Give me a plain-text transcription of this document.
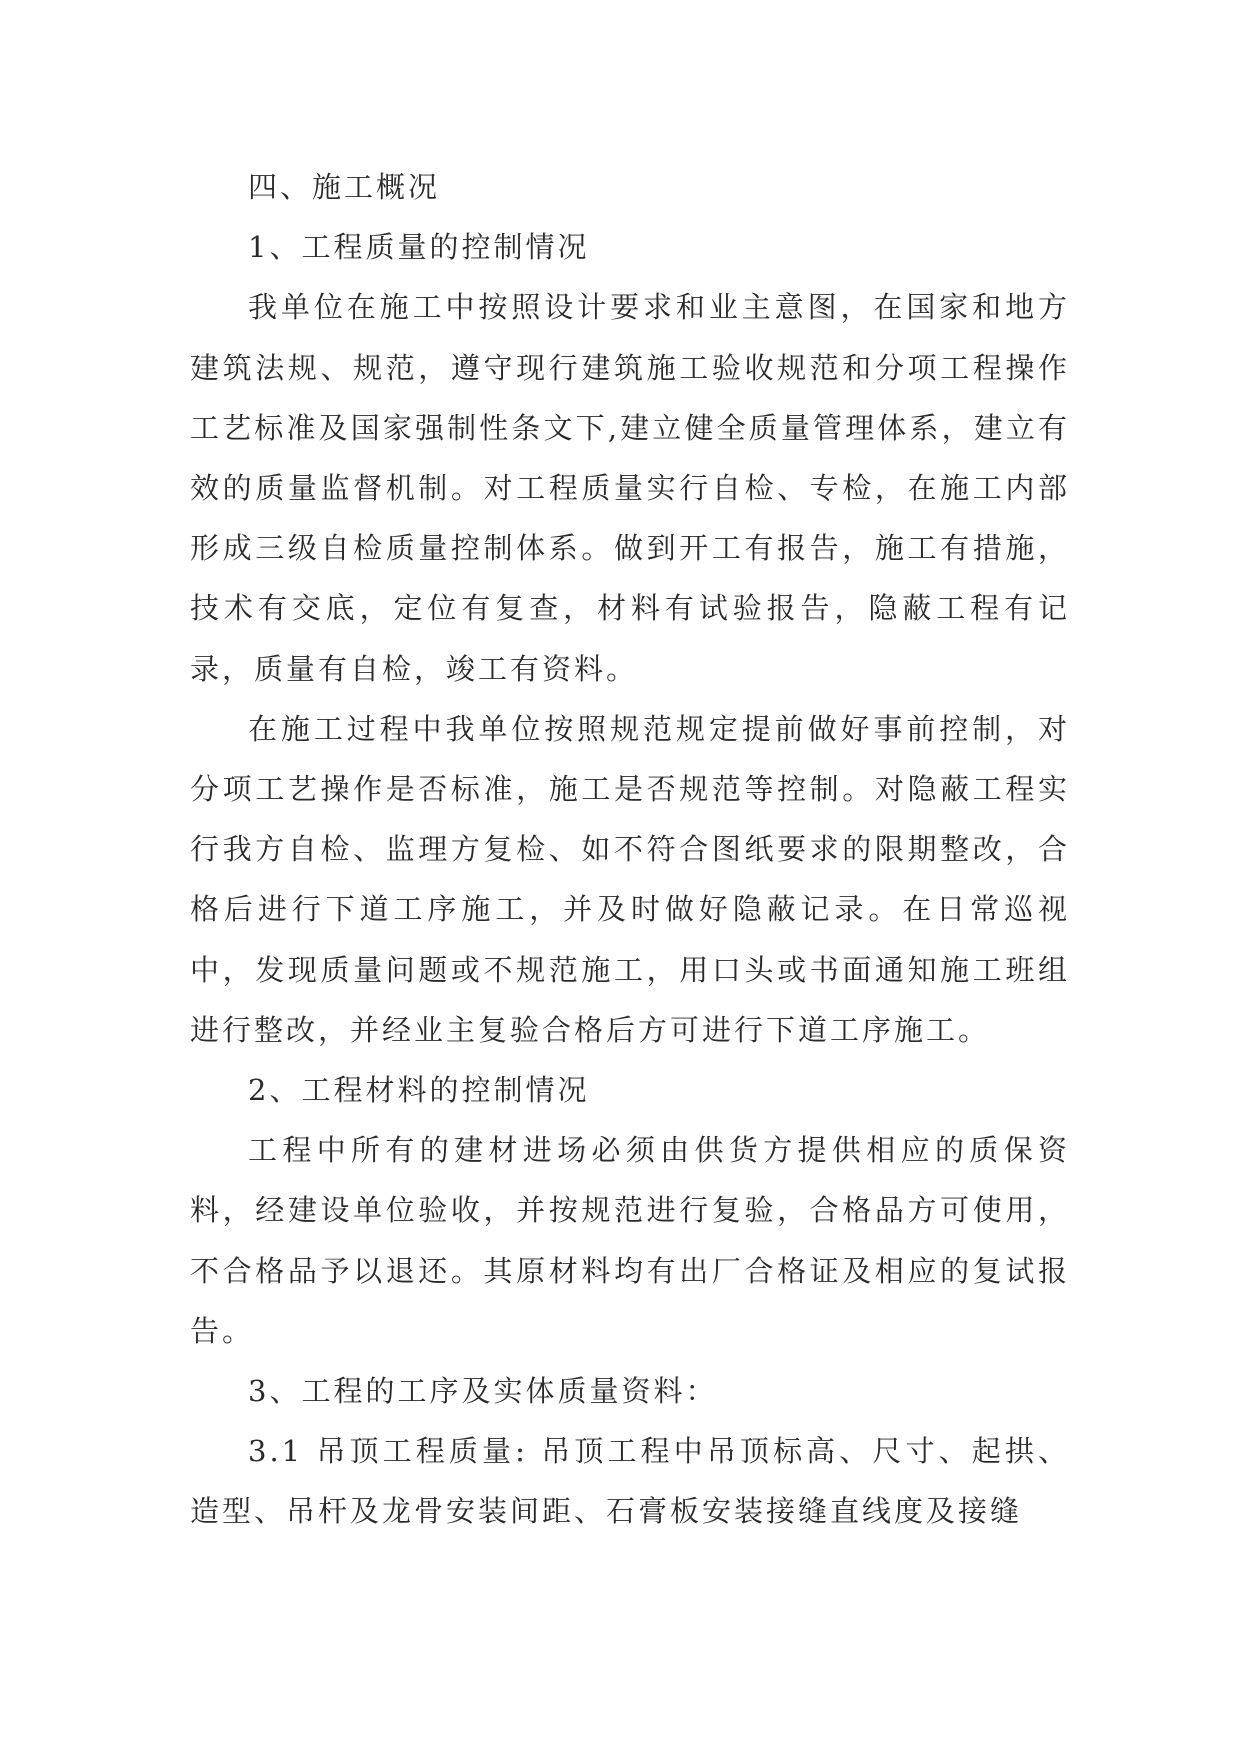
四、施工概况

1、工程质量的控制情况

我单位在施工中按照设计要求和业主意图，在国家和地方建筑法规、规范，遵守现行建筑施工验收规范和分项工程操作工艺标准及国家强制性条文下,建立健全质量管理体系，建立有效的质量监督机制。对工程质量实行自检、专检，在施工内部形成三级自检质量控制体系。做到开工有报告，施工有措施，技术有交底，定位有复查，材料有试验报告，隐蔽工程有记录，质量有自检，竣工有资料。

在施工过程中我单位按照规范规定提前做好事前控制，对分项工艺操作是否标准，施工是否规范等控制。对隐蔽工程实行我方自检、监理方复检、如不符合图纸要求的限期整改，合格后进行下道工序施工，并及时做好隐蔽记录。在日常巡视中，发现质量问题或不规范施工，用口头或书面通知施工班组进行整改，并经业主复验合格后方可进行下道工序施工。

2、工程材料的控制情况

工程中所有的建材进场必须由供货方提供相应的质保资料，经建设单位验收，并按规范进行复验，合格品方可使用，不合格品予以退还。其原材料均有出厂合格证及相应的复试报告。

3、工程的工序及实体质量资料：

3.1 吊顶工程质量: 吊顶工程中吊顶标高、尺寸、起拱、造型、吊杆及龙骨安装间距、石膏板安装接缝直线度及接缝
